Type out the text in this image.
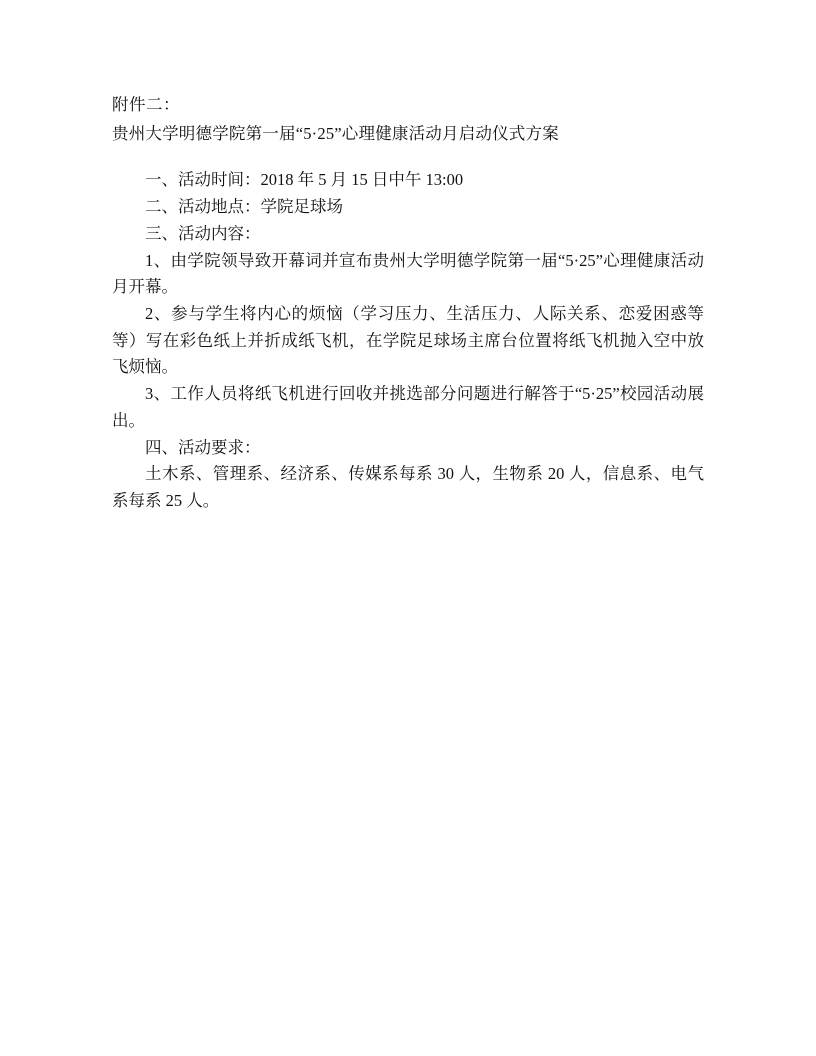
附件二：

贵州大学明德学院第一届“5·25”心理健康活动月启动仪式方案

一、活动时间：2018 年 5 月 15 日中午 13:00

二、活动地点：学院足球场

三、活动内容：

1、由学院领导致开幕词并宣布贵州大学明德学院第一届“5·25”心理健康活动月开幕。

2、参与学生将内心的烦恼（学习压力、生活压力、人际关系、恋爱困惑等等）写在彩色纸上并折成纸飞机，在学院足球场主席台位置将纸飞机抛入空中放飞烦恼。

3、工作人员将纸飞机进行回收并挑选部分问题进行解答于“5·25”校园活动展出。

四、活动要求：

土木系、管理系、经济系、传媒系每系 30 人，生物系 20 人，信息系、电气系每系 25 人。
